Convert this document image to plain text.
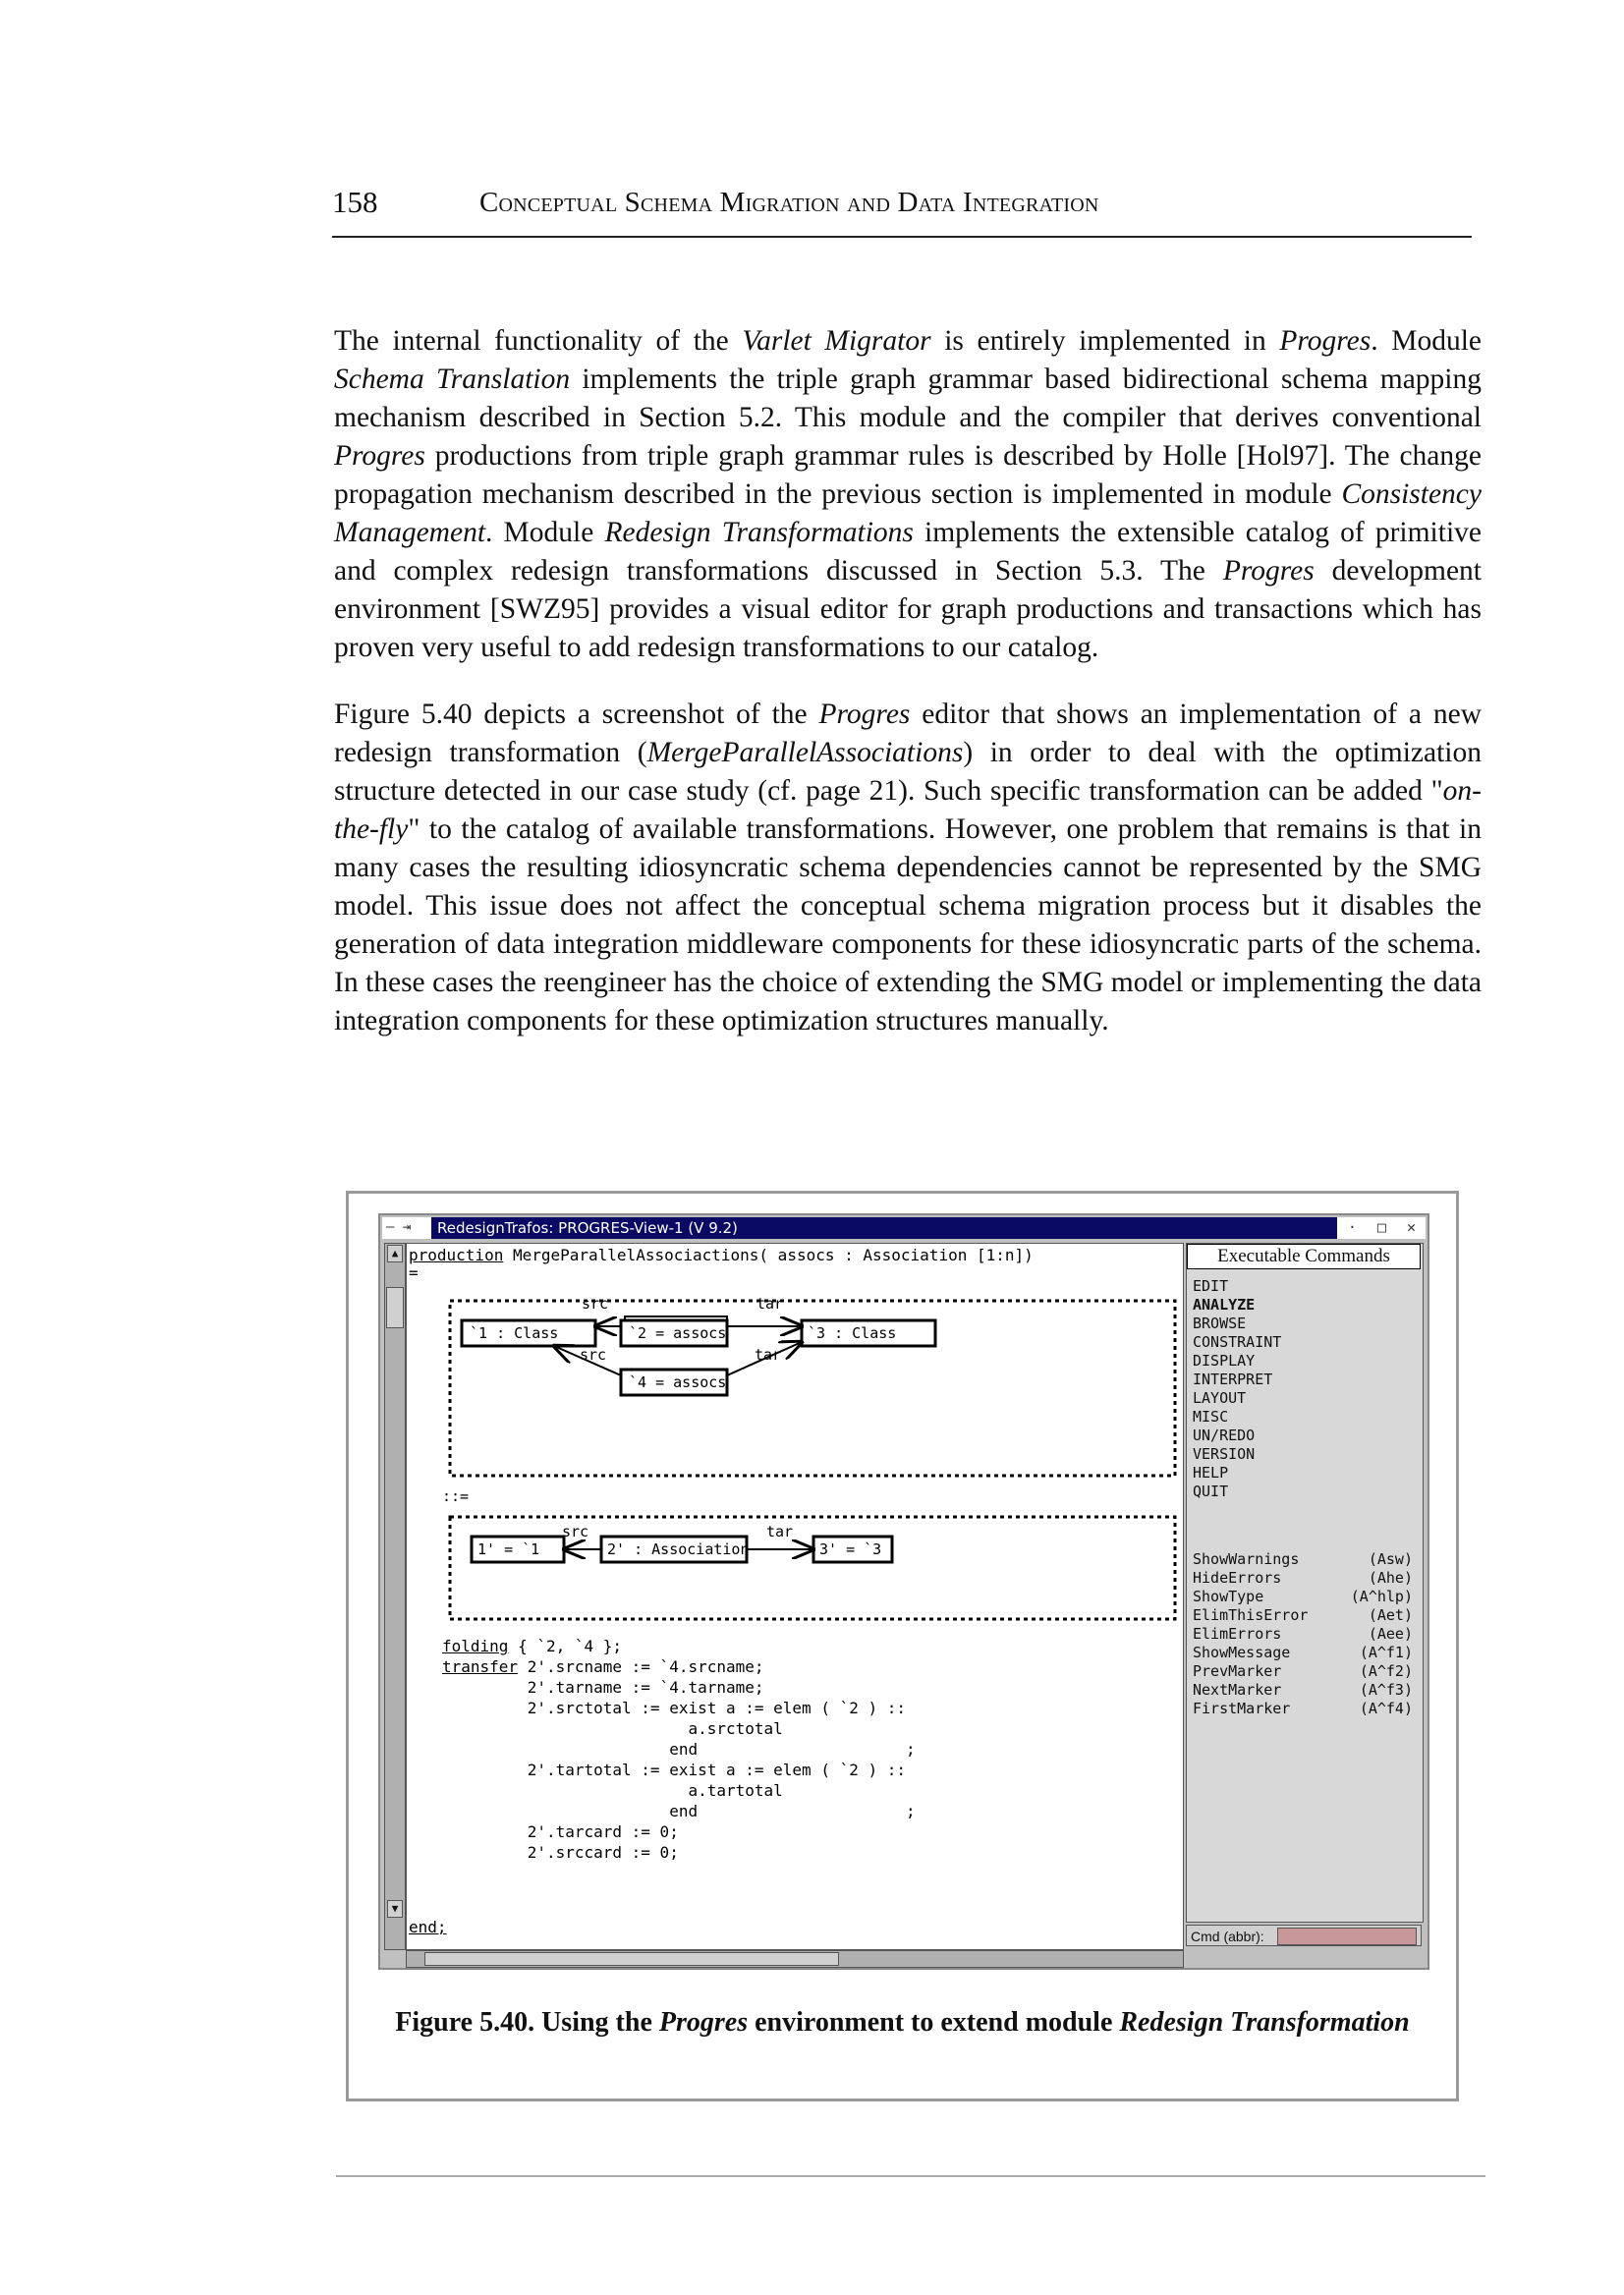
158	Conceptual Schema Migration and Data Integration

The internal functionality of the Varlet Migrator is entirely implemented in Progres. Module Schema Translation implements the triple graph grammar based bidirectional schema mapping mechanism described in Section 5.2. This module and the compiler that derives conventional Progres productions from triple graph grammar rules is described by Holle [Hol97]. The change propagation mechanism described in the previous section is implemented in module Consistency Management. Module Redesign Transformations implements the extensible catalog of primitive and complex redesign transformations discussed in Section 5.3. The Progres development environment [SWZ95] provides a visual editor for graph productions and transactions which has proven very useful to add redesign transformations to our catalog.

Figure 5.40 depicts a screenshot of the Progres editor that shows an implementation of a new redesign transformation (MergeParallelAssociations) in order to deal with the optimization structure detected in our case study (cf. page 21). Such specific transformation can be added "on-the-fly" to the catalog of available transformations. However, one problem that remains is that in many cases the resulting idiosyncratic schema dependencies cannot be represented by the SMG model. This issue does not affect the conceptual schema migration process but it disables the generation of data integration middleware components for these idiosyncratic parts of the schema. In these cases the reengineer has the choice of extending the SMG model or implementing the data integration components for these optimization structures manually.

— ⇥	RedesignTrafos: PROGRES-View-1 (V 9.2)	· □ ✕
▲
▼
production MergeParallelAssociactions( assocs : Association [1:n])
=
`1 : Class	`2 = assocs	`3 : Class
`4 = assocs
src
src
tar
tar
::=
1' = `1	2' : Association	3' = `3
src	tar
folding { `2, `4 };
transfer 2'.srcname := `4.srcname;
2'.tarname := `4.tarname;
2'.srctotal := exist a := elem ( `2 ) ::
a.srctotal
end                      ;
2'.tartotal := exist a := elem ( `2 ) ::
a.tartotal
end                      ;
2'.tarcard := 0;
2'.srccard := 0;
end;
Executable Commands
EDIT
ANALYZE
BROWSE
CONSTRAINT
DISPLAY
INTERPRET
LAYOUT
MISC
UN/REDO
VERSION
HELP
QUIT
ShowWarnings	(Asw)
HideErrors	(Ahe)
ShowType	(A^hlp)
ElimThisError	(Aet)
ElimErrors	(Aee)
ShowMessage	(A^f1)
PrevMarker	(A^f2)
NextMarker	(A^f3)
FirstMarker	(A^f4)
Cmd (abbr):
Figure 5.40. Using the Progres environment to extend module Redesign Transformation
